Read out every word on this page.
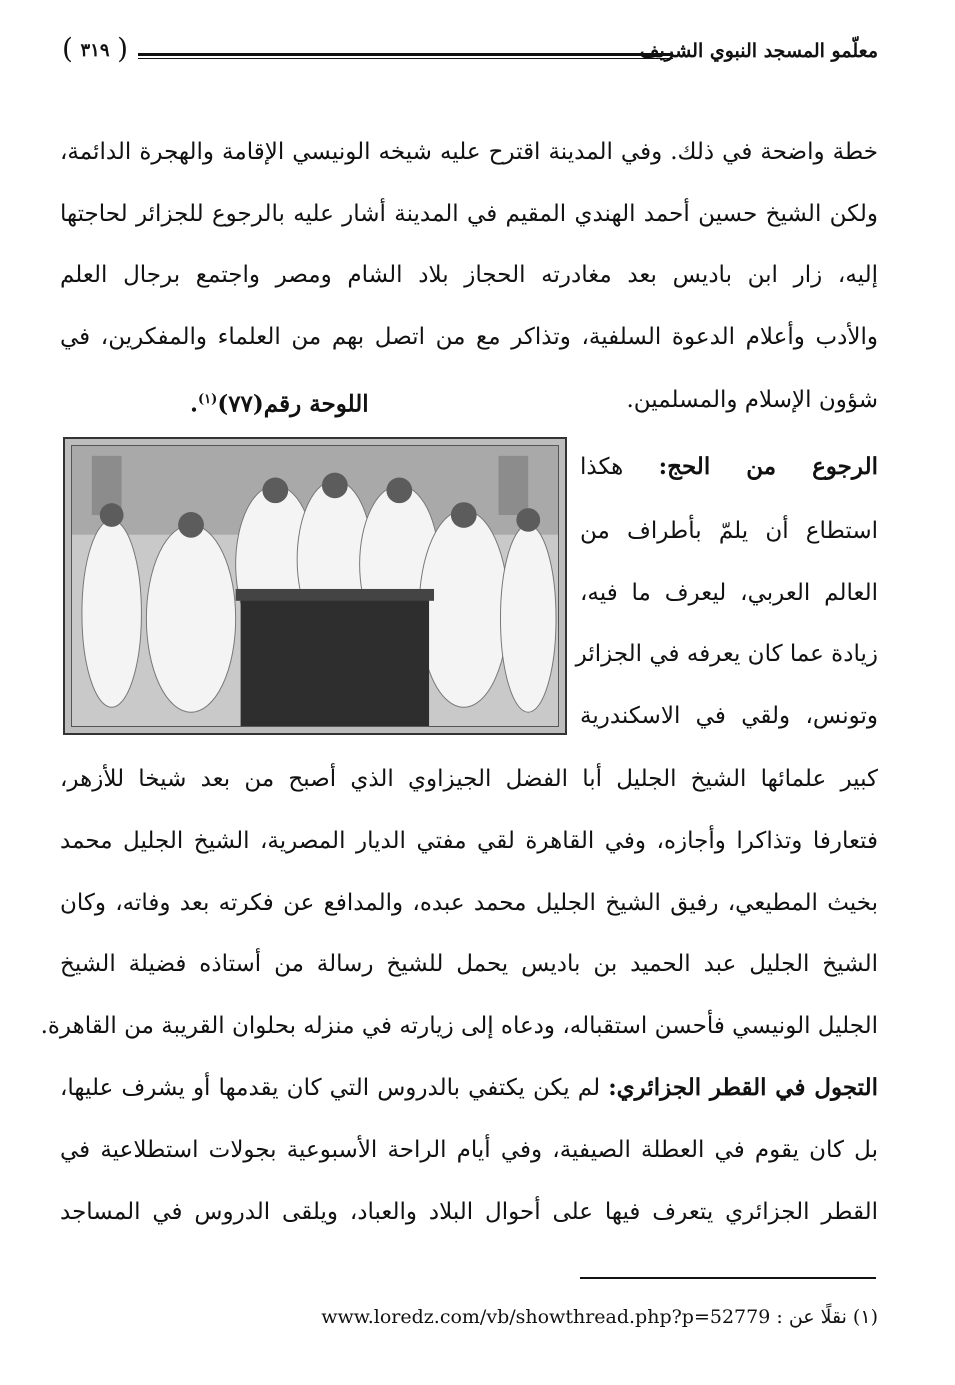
معلّمو المسجد النبوي الشريف
( ٣١٩ )
خطة واضحة في ذلك. وفي المدينة اقترح عليه شيخه الونيسي الإقامة والهجرة الدائمة،
ولكن الشيخ حسين أحمد الهندي المقيم في المدينة أشار عليه بالرجوع للجزائر لحاجتها
إليه، زار ابن باديس بعد مغادرته الحجاز بلاد الشام ومصر واجتمع برجال العلم
والأدب وأعلام الدعوة السلفية، وتذاكر مع من اتصل بهم من العلماء والمفكرين، في
شؤون الإسلام والمسلمين.
اللوحة رقم(٧٧)$^{(١)}$.
الرجوع من الحج: هكذا
استطاع أن يلمّ بأطراف من
العالم العربي، ليعرف ما فيه،
زيادة عما كان يعرفه في الجزائر
وتونس، ولقي في الاسكندرية
كبير علمائها الشيخ الجليل أبا الفضل الجيزاوي الذي أصبح من بعد شيخا للأزهر،
فتعارفا وتذاكرا وأجازه، وفي القاهرة لقي مفتي الديار المصرية، الشيخ الجليل محمد
بخيث المطيعي، رفيق الشيخ الجليل محمد عبده، والمدافع عن فكرته بعد وفاته، وكان
الشيخ الجليل عبد الحميد بن باديس يحمل للشيخ رسالة من أستاذه فضيلة الشيخ
الجليل الونيسي فأحسن استقباله، ودعاه إلى زيارته في منزله بحلوان القريبة من القاهرة.
التجول في القطر الجزائري: لم يكن يكتفي بالدروس التي كان يقدمها أو يشرف عليها،
بل كان يقوم في العطلة الصيفية، وفي أيام الراحة الأسبوعية بجولات استطلاعية في
القطر الجزائري يتعرف فيها على أحوال البلاد والعباد، ويلقى الدروس في المساجد
(١) نقلًا عن : www.loredz.com/vb/showthread.php?p=52779
